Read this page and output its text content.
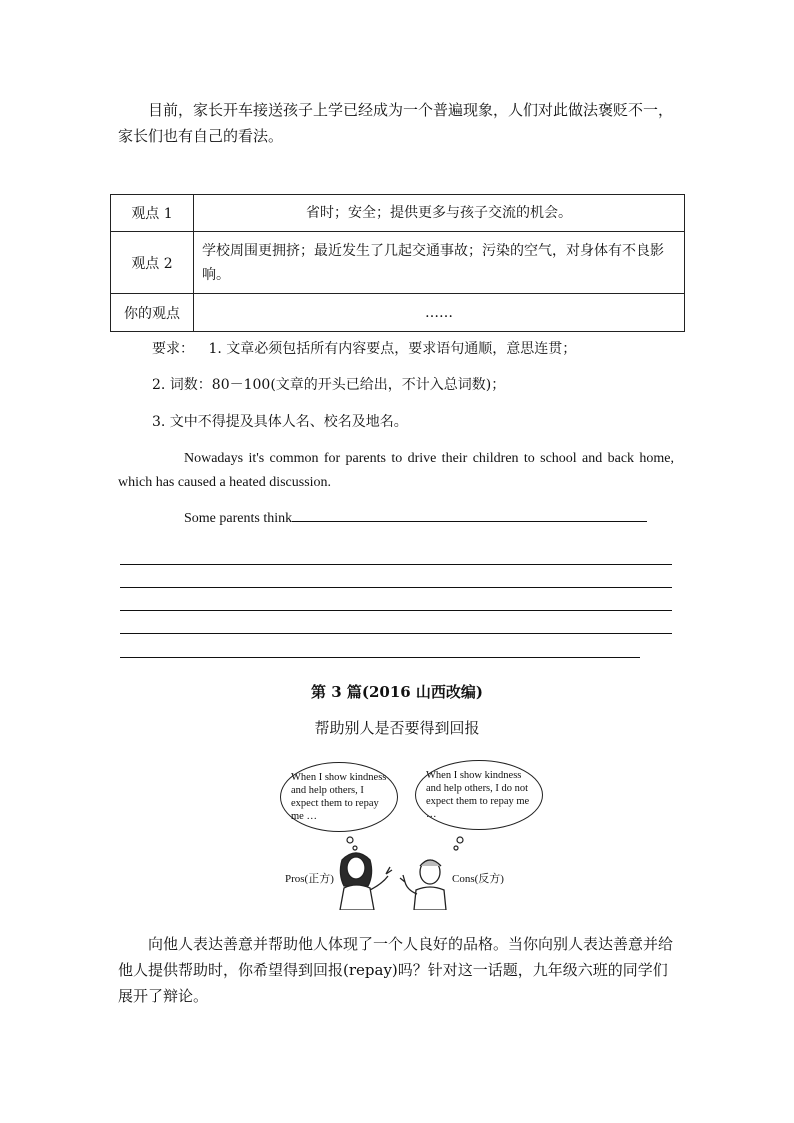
目前，家长开车接送孩子上学已经成为一个普遍现象，人们对此做法褒贬不一，家长们也有自己的看法。
观点 1	省时；安全；提供更多与孩子交流的机会。
观点 2	学校周围更拥挤；最近发生了几起交通事故；污染的空气，对身体有不良影响。
你的观点	……
要求： 1. 文章必须包括所有内容要点，要求语句通顺，意思连贯；
2. 词数：80－100(文章的开头已给出，不计入总词数)；
3. 文中不得提及具体人名、校名及地名。
Nowadays it's common for parents to drive their children to school and back home, which has caused a heated discussion.
Some parents think
第 3 篇(2016 山西改编)
帮助别人是否要得到回报
When I show kindness and help others, I expect them to repay me …
When I show kindness and help others, I do not expect them to repay me …
Pros(正方)	Cons(反方)
向他人表达善意并帮助他人体现了一个人良好的品格。当你向别人表达善意并给他人提供帮助时，你希望得到回报(repay)吗？针对这一话题，九年级六班的同学们展开了辩论。
